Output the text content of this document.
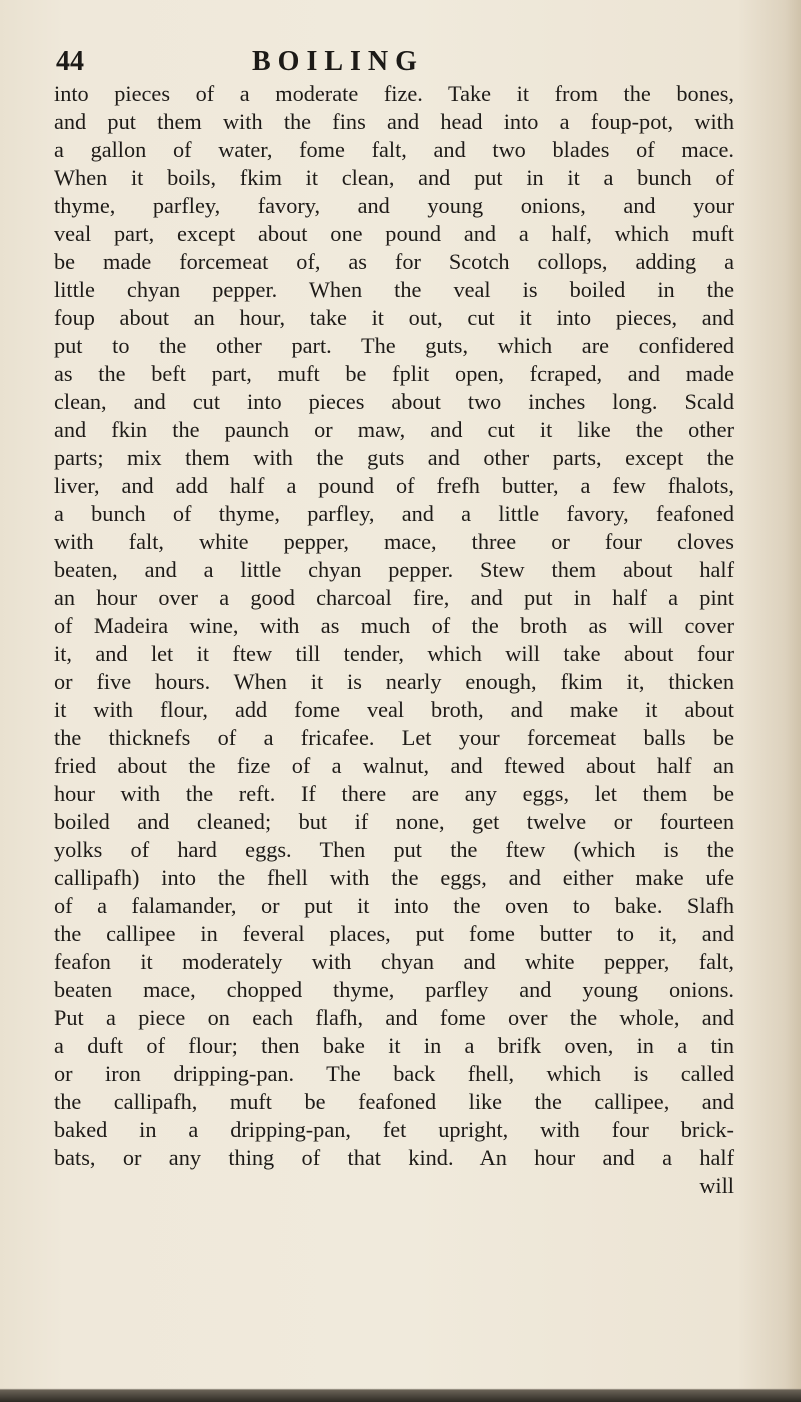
44	BOILING
into pieces of a moderate fize. Take it from the bones,
and put them with the fins and head into a foup-pot, with
a gallon of water, fome falt, and two blades of mace.
When it boils, fkim it clean, and put in it a bunch of
thyme, parfley, favory, and young onions, and your
veal part, except about one pound and a half, which muft
be made forcemeat of, as for Scotch collops, adding a
little chyan pepper. When the veal is boiled in the
foup about an hour, take it out, cut it into pieces, and
put to the other part. The guts, which are confidered
as the beft part, muft be fplit open, fcraped, and made
clean, and cut into pieces about two inches long. Scald
and fkin the paunch or maw, and cut it like the other
parts; mix them with the guts and other parts, except the
liver, and add half a pound of frefh butter, a few fhalots,
a bunch of thyme, parfley, and a little favory, feafoned
with falt, white pepper, mace, three or four cloves
beaten, and a little chyan pepper. Stew them about half
an hour over a good charcoal fire, and put in half a pint
of Madeira wine, with as much of the broth as will cover
it, and let it ftew till tender, which will take about four
or five hours. When it is nearly enough, fkim it, thicken
it with flour, add fome veal broth, and make it about
the thicknefs of a fricafee. Let your forcemeat balls be
fried about the fize of a walnut, and ftewed about half an
hour with the reft. If there are any eggs, let them be
boiled and cleaned; but if none, get twelve or fourteen
yolks of hard eggs. Then put the ftew (which is the
callipafh) into the fhell with the eggs, and either make ufe
of a falamander, or put it into the oven to bake. Slafh
the callipee in feveral places, put fome butter to it, and
feafon it moderately with chyan and white pepper, falt,
beaten mace, chopped thyme, parfley and young onions.
Put a piece on each flafh, and fome over the whole, and
a duft of flour; then bake it in a brifk oven, in a tin
or iron dripping-pan. The back fhell, which is called
the callipafh, muft be feafoned like the callipee, and
baked in a dripping-pan, fet upright, with four brick-
bats, or any thing of that kind. An hour and a half
will
